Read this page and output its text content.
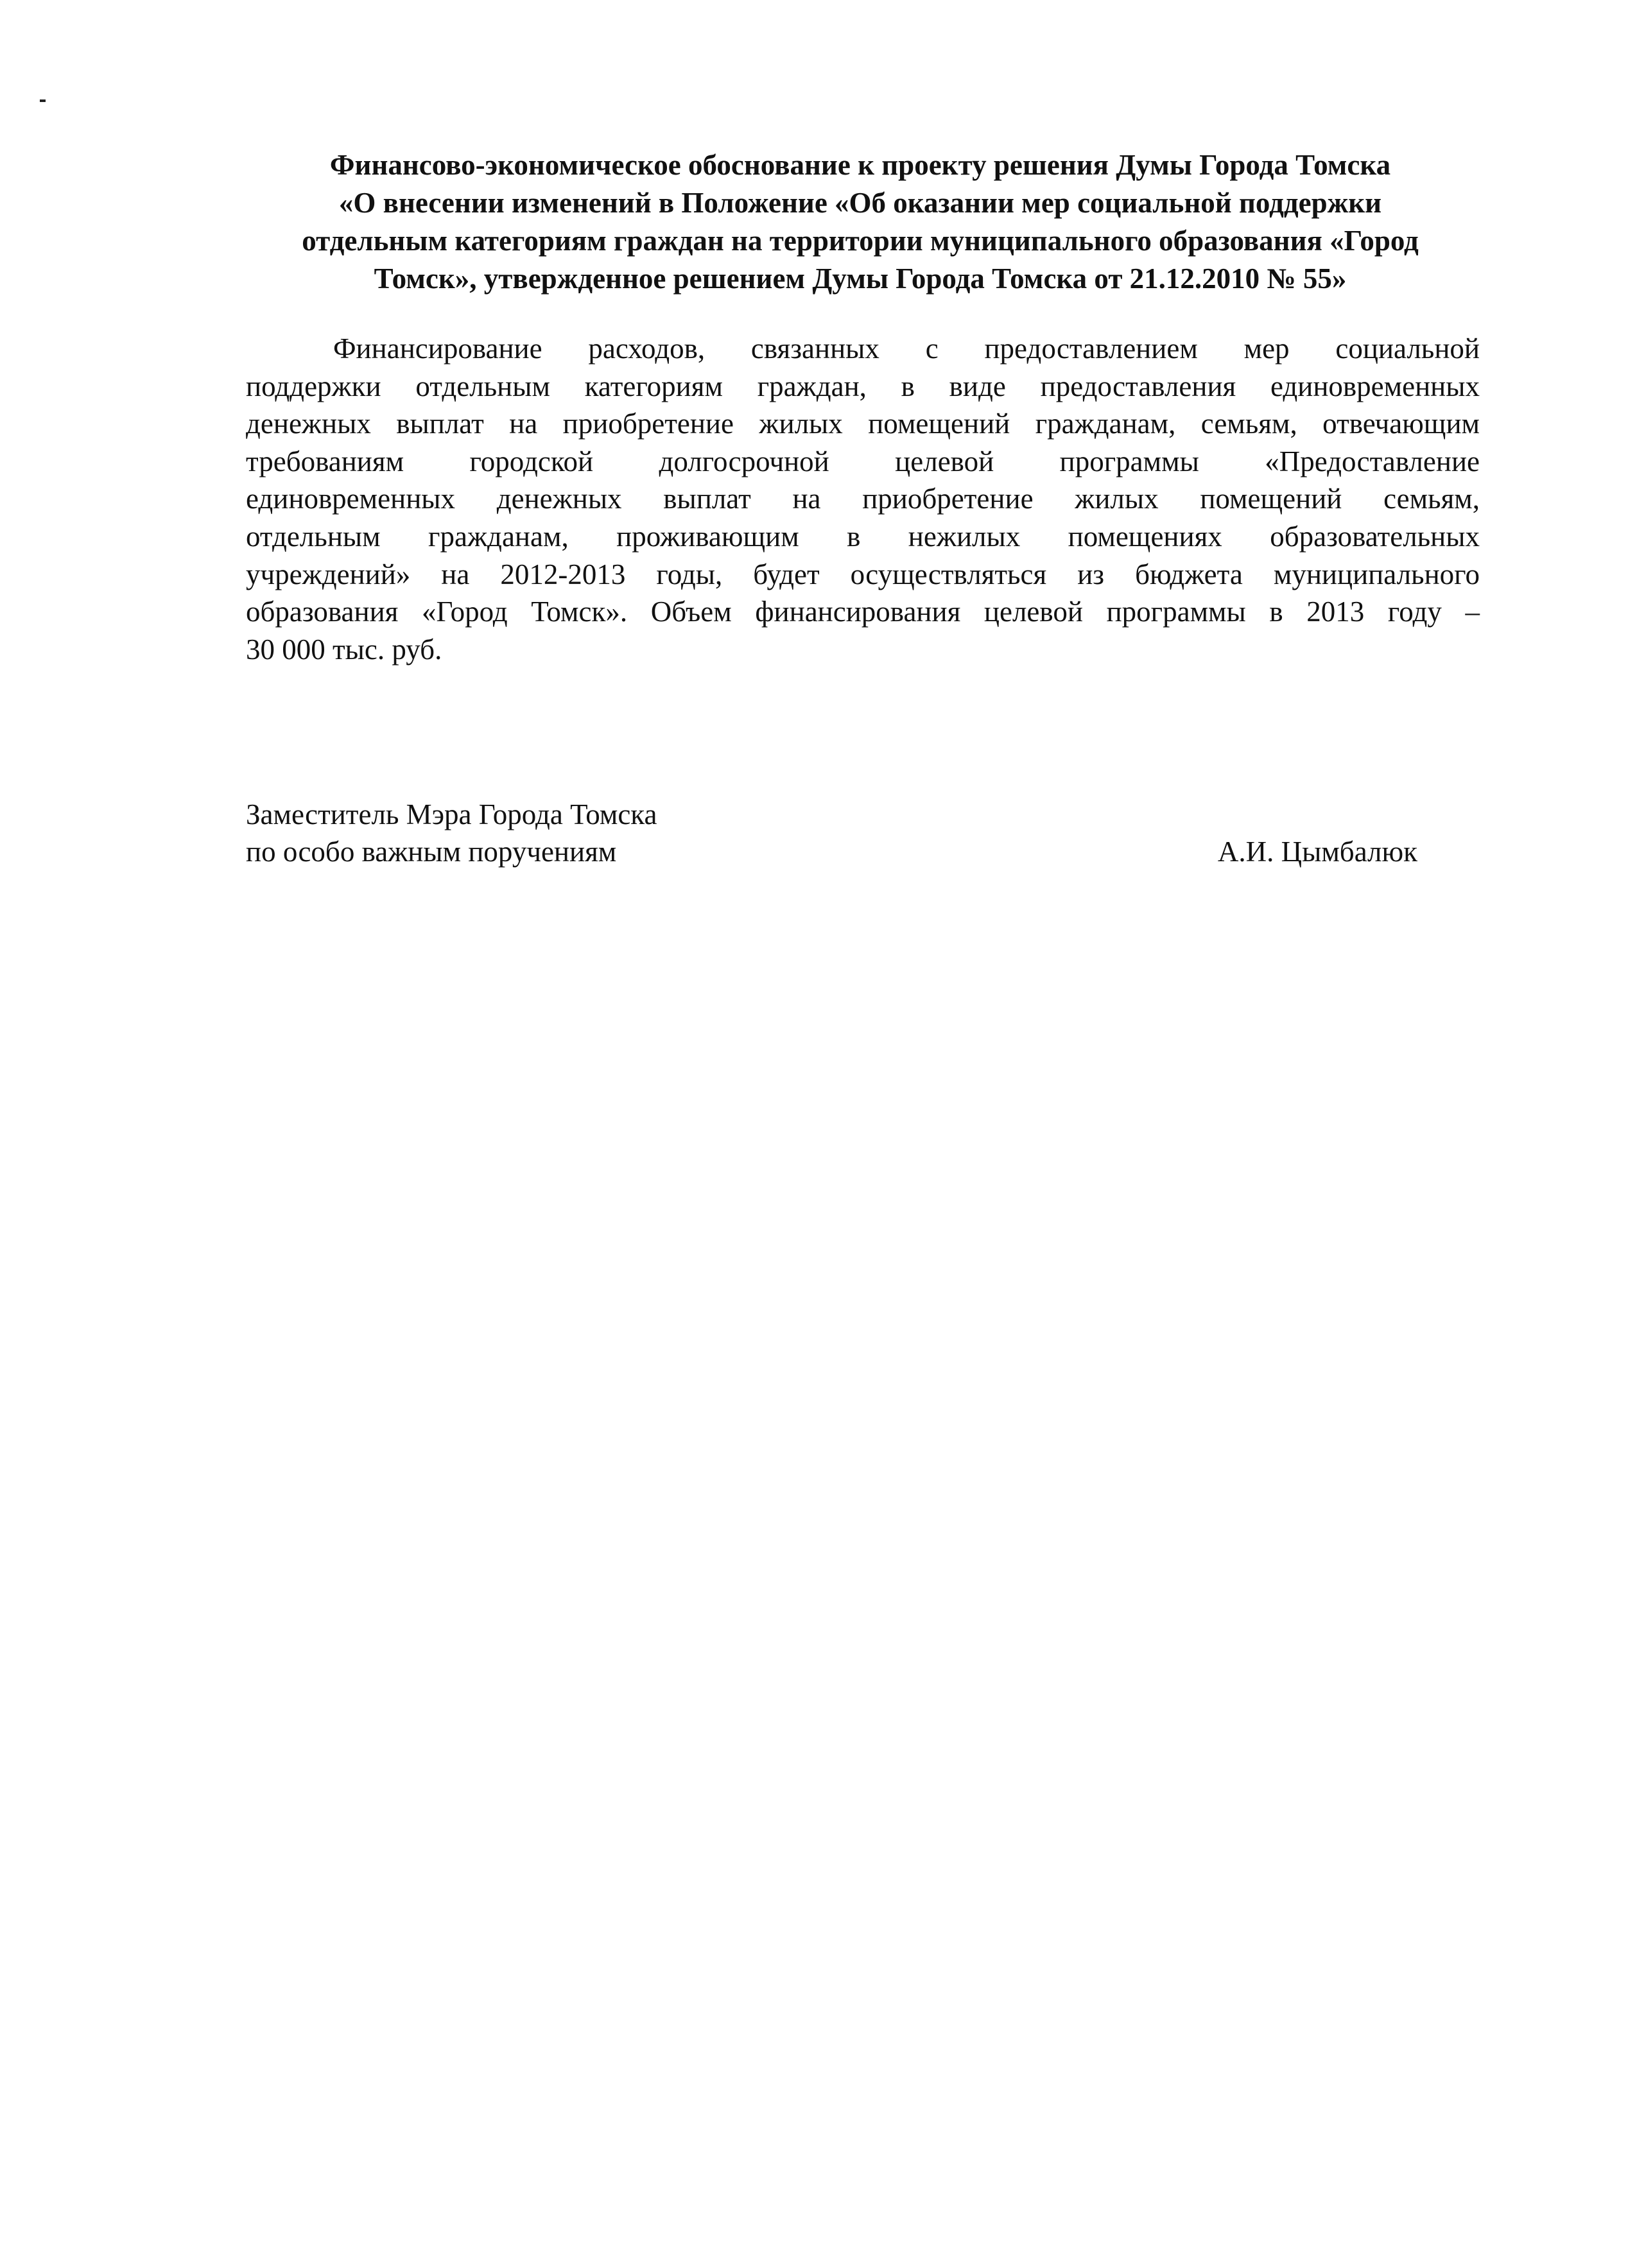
Финансово-экономическое обоснование к проекту решения Думы Города Томска
«О внесении изменений в Положение «Об оказании мер социальной поддержки
отдельным категориям граждан на территории муниципального образования «Город
Томск», утвержденное решением Думы Города Томска от 21.12.2010 № 55»
Финансирование расходов, связанных с предоставлением мер социальной
поддержки отдельным категориям граждан, в виде предоставления единовременных
денежных выплат на приобретение жилых помещений гражданам, семьям, отвечающим
требованиям городской долгосрочной целевой программы «Предоставление
единовременных денежных выплат на приобретение жилых помещений семьям,
отдельным гражданам, проживающим в нежилых помещениях образовательных
учреждений» на 2012-2013 годы, будет осуществляться из бюджета муниципального
образования «Город Томск». Объем финансирования целевой программы в 2013 году –
30 000 тыс. руб.
Заместитель Мэра Города Томска
по особо важным поручениям	А.И. Цымбалюк
